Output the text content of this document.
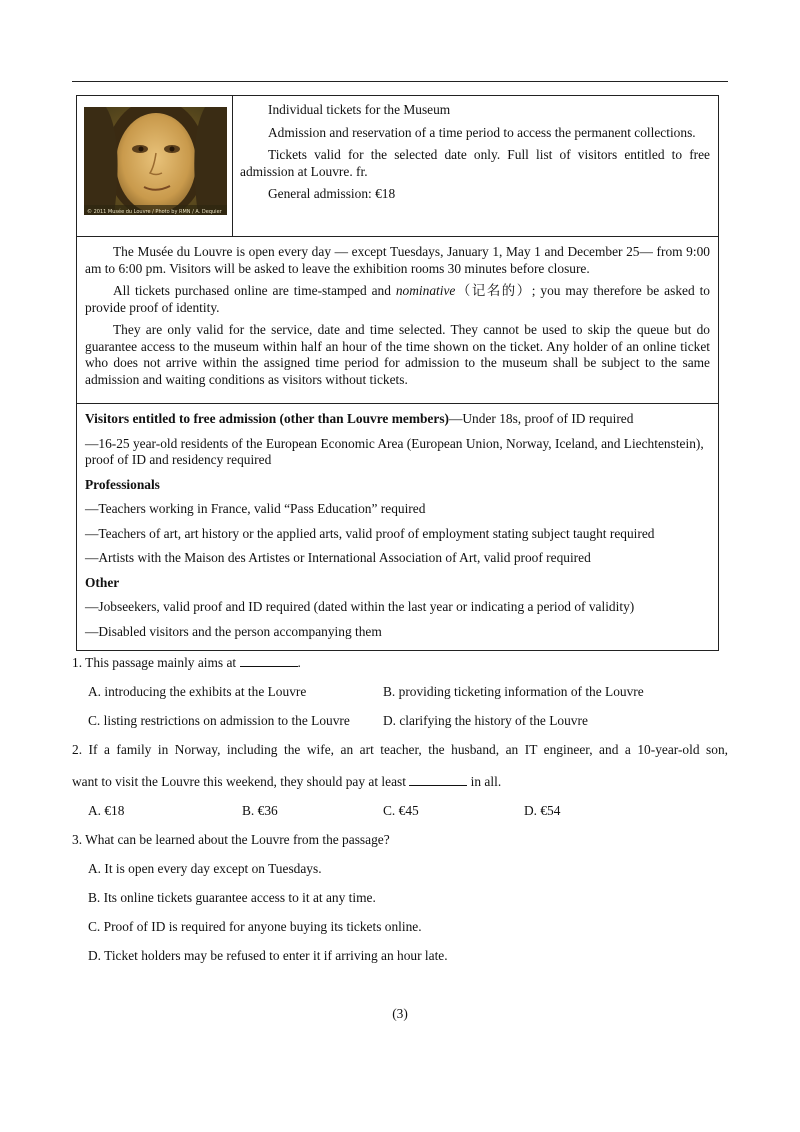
© 2011 Musée du Louvre / Photo by RMN / A. Dequier

Individual tickets for the Museum

Admission and reservation of a time period to access the permanent collections.

Tickets valid for the selected date only. Full list of visitors entitled to free admission at Louvre. fr.

General admission: €18

The Musée du Louvre is open every day — except Tuesdays, January 1, May 1 and December 25— from 9:00 am to 6:00 pm. Visitors will be asked to leave the exhibition rooms 30 minutes before closure.

All tickets purchased online are time-stamped and nominative（记名的）; you may therefore be asked to provide proof of identity.

They are only valid for the service, date and time selected. They cannot be used to skip the queue but do guarantee access to the museum within half an hour of the time shown on the ticket. Any holder of an online ticket who does not arrive within the assigned time period for admission to the museum shall be subject to the same admission and waiting conditions as visitors without tickets.

Visitors entitled to free admission (other than Louvre members)—Under 18s, proof of ID required

—16-25 year-old residents of the European Economic Area (European Union, Norway, Iceland, and Liechtenstein), proof of ID and residency required

Professionals

—Teachers working in France, valid “Pass Education” required

—Teachers of art, art history or the applied arts, valid proof of employment stating subject taught required

—Artists with the Maison des Artistes or International Association of Art, valid proof required

Other

—Jobseekers, valid proof and ID required (dated within the last year or indicating a period of validity)

—Disabled visitors and the person accompanying them

1. This passage mainly aims at	.
A. introducing the exhibits at the Louvre	B. providing ticketing information of the Louvre
C. listing restrictions on admission to the Louvre D. clarifying the history of the Louvre
2. If a family in Norway, including the wife, an art teacher, the husband, an IT engineer, and a 10-year-old son,
want to visit the Louvre this weekend, they should pay at least	in all.
A. €18	B. €36	C. €45	D. €54
3. What can be learned about the Louvre from the passage?
A. It is open every day except on Tuesdays.
B. Its online tickets guarantee access to it at any time.
C. Proof of ID is required for anyone buying its tickets online.
D. Ticket holders may be refused to enter it if arriving an hour late.
(3)
